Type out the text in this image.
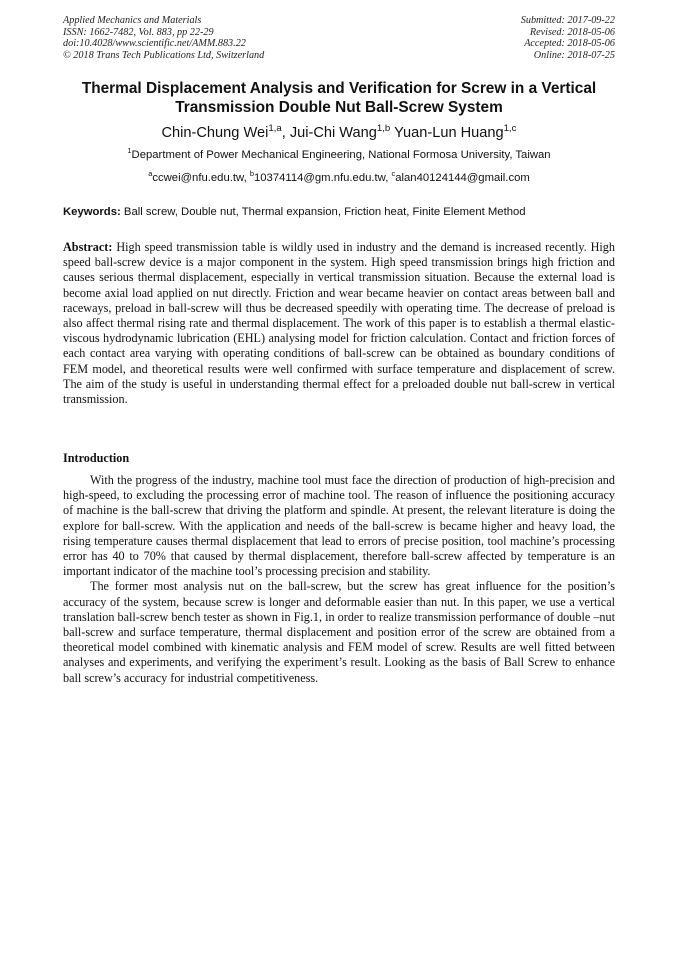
Applied Mechanics and Materials
ISSN: 1662-7482, Vol. 883, pp 22-29
doi:10.4028/www.scientific.net/AMM.883.22
© 2018 Trans Tech Publications Ltd, Switzerland
Submitted: 2017-09-22
Revised: 2018-05-06
Accepted: 2018-05-06
Online: 2018-07-25
Thermal Displacement Analysis and Verification for Screw in a Vertical
Transmission Double Nut Ball-Screw System
Chin-Chung Wei$^{1,a}$, Jui-Chi Wang$^{1,b}$ Yuan-Lun Huang$^{1,c}$
$^1$Department of Power Mechanical Engineering, National Formosa University, Taiwan
$^a$ccwei@nfu.edu.tw, $^b$10374114@gm.nfu.edu.tw, $^c$alan40124144@gmail.com
Keywords: Ball screw, Double nut, Thermal expansion, Friction heat, Finite Element Method
Abstract: High speed transmission table is wildly used in industry and the demand is increased recently. High speed ball-screw device is a major component in the system. High speed transmission brings high friction and causes serious thermal displacement, especially in vertical transmission situation. Because the external load is become axial load applied on nut directly. Friction and wear became heavier on contact areas between ball and raceways, preload in ball-screw will thus be decreased speedily with operating time. The decrease of preload is also affect thermal rising rate and thermal displacement. The work of this paper is to establish a thermal elastic-viscous hydrodynamic lubrication (EHL) analysing model for friction calculation. Contact and friction forces of each contact area varying with operating conditions of ball-screw can be obtained as boundary conditions of FEM model, and theoretical results were well confirmed with surface temperature and displacement of screw. The aim of the study is useful in understanding thermal effect for a preloaded double nut ball-screw in vertical transmission.
Introduction

With the progress of the industry, machine tool must face the direction of production of high-precision and high-speed, to excluding the processing error of machine tool. The reason of influence the positioning accuracy of machine is the ball-screw that driving the platform and spindle. At present, the relevant literature is doing the explore for ball-screw. With the application and needs of the ball-screw is became higher and heavy load, the rising temperature causes thermal displacement that lead to errors of precise position, tool machine’s processing error has 40 to 70% that caused by thermal displacement, therefore ball-screw affected by temperature is an important indicator of the machine tool’s processing precision and stability.

The former most analysis nut on the ball-screw, but the screw has great influence for the position’s accuracy of the system, because screw is longer and deformable easier than nut. In this paper, we use a vertical translation ball-screw bench tester as shown in Fig.1, in order to realize transmission performance of double –nut ball-screw and surface temperature, thermal displacement and position error of the screw are obtained from a theoretical model combined with kinematic analysis and FEM model of screw. Results are well fitted between analyses and experiments, and verifying the experiment’s result. Looking as the basis of Ball Screw to enhance ball screw’s accuracy for industrial competitiveness.
